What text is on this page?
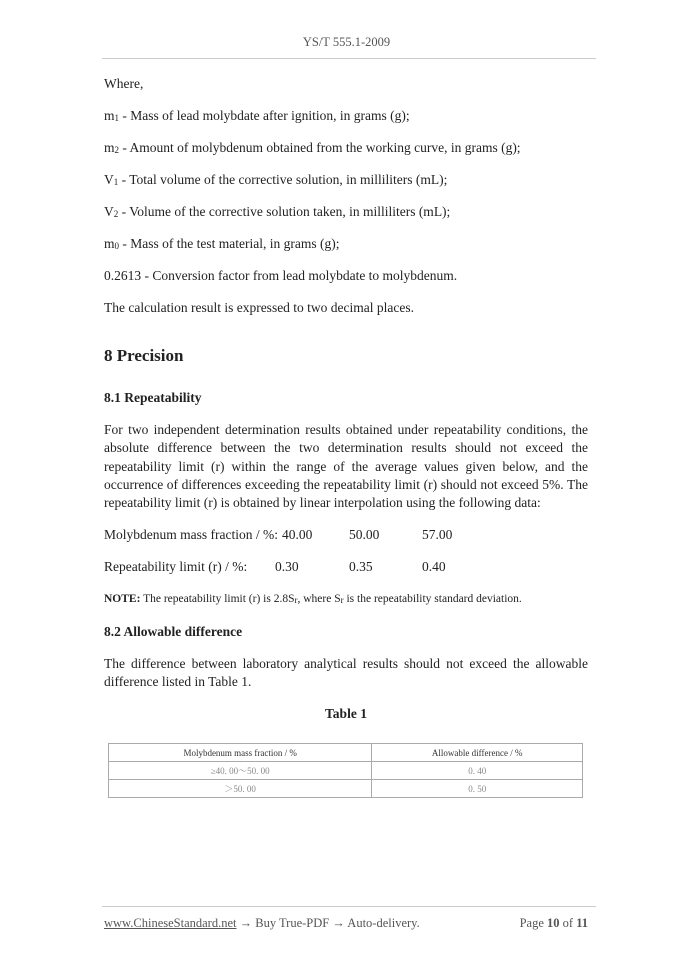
YS/T 555.1-2009
Where,
$m_1$ - Mass of lead molybdate after ignition, in grams (g);
$m_2$ - Amount of molybdenum obtained from the working curve, in grams (g);
$V_1$ - Total volume of the corrective solution, in milliliters (mL);
$V_2$ - Volume of the corrective solution taken, in milliliters (mL);
$m_0$ - Mass of the test material, in grams (g);
0.2613 - Conversion factor from lead molybdate to molybdenum.
The calculation result is expressed to two decimal places.
8 Precision
8.1 Repeatability
For two independent determination results obtained under repeatability conditions, the absolute difference between the two determination results should not exceed the repeatability limit (r) within the range of the average values given below, and the occurrence of differences exceeding the repeatability limit (r) should not exceed 5%. The repeatability limit (r) is obtained by linear interpolation using the following data:
Molybdenum mass fraction / %: 40.00	50.00	57.00
Repeatability limit (r) / %: 0.30	0.35	0.40
NOTE: The repeatability limit (r) is $2.8S_r$, where $S_r$ is the repeatability standard deviation.
8.2 Allowable difference
The difference between laboratory analytical results should not exceed the allowable difference listed in Table 1.
Table 1
Molybdenum mass fraction / %	Allowable difference / %
≥40. 00～50. 00	0. 40
＞50. 00	0. 50
www.ChineseStandard.net → Buy True-PDF → Auto-delivery.	Page 10 of 11
